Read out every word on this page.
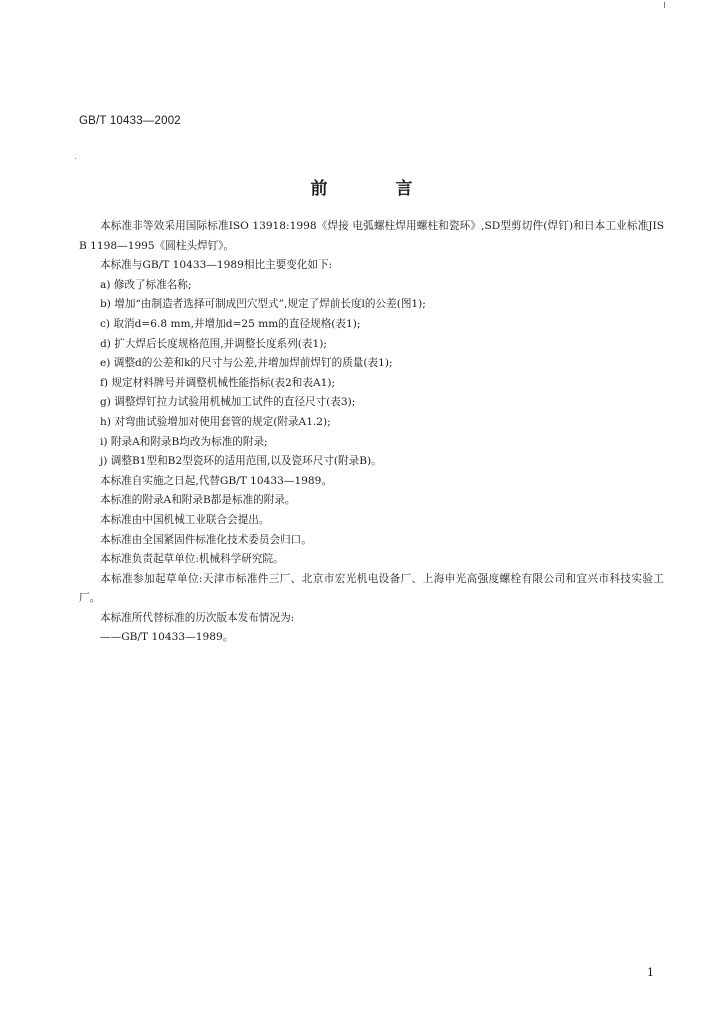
GB/T 10433—2002
前	言

本标准非等效采用国际标准ISO 13918:1998《焊接 电弧螺柱焊用螺柱和瓷环》,SD型剪切件(焊钉)和日本工业标准JIS B 1198—1995《圆柱头焊钉》。

本标准与GB/T 10433—1989相比主要变化如下:

a) 修改了标准名称;

b) 增加“由制造者选择可制成凹穴型式”,规定了焊前长度l的公差(图1);

c) 取消d=6.8 mm,并增加d=25 mm的直径规格(表1);

d) 扩大焊后长度规格范围,并调整长度系列(表1);

e) 调整d的公差和k的尺寸与公差,并增加焊前焊钉的质量(表1);

f) 规定材料牌号并调整机械性能指标(表2和表A1);

g) 调整焊钉拉力试验用机械加工试件的直径尺寸(表3);

h) 对弯曲试验增加对使用套管的规定(附录A1.2);

i) 附录A和附录B均改为标准的附录;

j) 调整B1型和B2型瓷环的适用范围,以及瓷环尺寸(附录B)。

本标准自实施之日起,代替GB/T 10433—1989。

本标准的附录A和附录B都是标准的附录。

本标准由中国机械工业联合会提出。

本标准由全国紧固件标准化技术委员会归口。

本标准负责起草单位:机械科学研究院。

本标准参加起草单位:天津市标准件三厂、北京市宏光机电设备厂、上海申光高强度螺栓有限公司和宜兴市科技实验工厂。

本标准所代替标准的历次版本发布情况为:

——GB/T 10433—1989。

1
